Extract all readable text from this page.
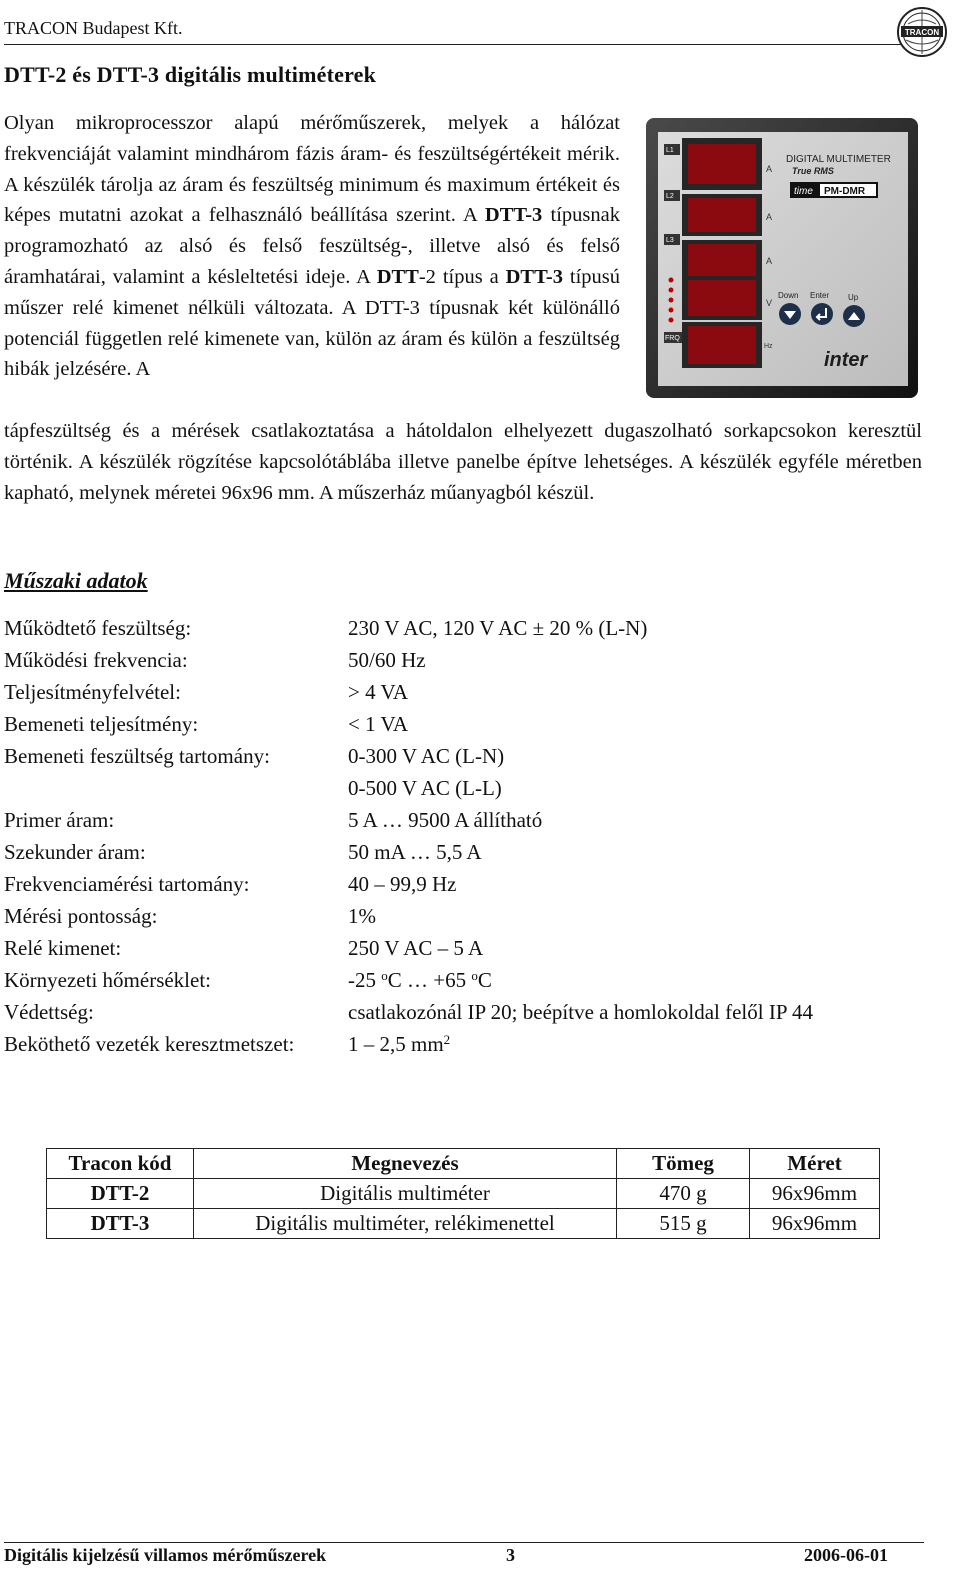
TRACON Budapest Kft.	TRACON
DTT-2 és DTT-3 digitális multiméterek
Olyan mikroprocesszor alapú mérőműszerek, melyek a hálózat frekvenciáját valamint mindhárom fázis áram- és feszültségértékeit mérik. A készülék tárolja az áram és feszültség minimum és maximum értékeit és képes mutatni azokat a felhasználó beállítása szerint. A DTT-3 típusnak programozható az alsó és felső feszültség-, illetve alsó és felső áramhatárai, valamint a késleltetési ideje. A DTT-2 típus a DTT-3 típusú műszer relé kimenet nélküli változata. A DTT-3 típusnak két különálló potenciál független relé kimenete van, külön az áram és külön a feszültség hibák jelzésére. A
tápfeszültség és a mérések csatlakoztatása a hátoldalon elhelyezett dugaszolható sorkapcsokon keresztül történik. A készülék rögzítése kapcsolótáblába illetve panelbe építve lehetséges. A készülék egyféle méretben kapható, melynek méretei 96x96 mm. A műszerház műanyagból készül.
L1
L2
L3
FRQ
A
A
A
V
Hz
DIGITAL MULTIMETER
True RMS
time PM-DMR
Down Enter Up
inter
Műszaki adatok
Működtető feszültség:	230 V AC, 120 V AC ± 20 % (L-N)
Működési frekvencia:	50/60 Hz
Teljesítményfelvétel:	> 4 VA
Bemeneti teljesítmény:	< 1 VA
Bemeneti feszültség tartomány:	0-300 V AC (L-N)
0-500 V AC (L-L)
Primer áram:	5 A … 9500 A állítható
Szekunder áram:	50 mA … 5,5 A
Frekvenciamérési tartomány:	40 – 99,9 Hz
Mérési pontosság:	1%
Relé kimenet:	250 V AC – 5 A
Környezeti hőmérséklet:	-25 $^o$C … +65 $^o$C
Védettség:	csatlakozónál IP 20; beépítve a homlokoldal felől IP 44
Beköthető vezeték keresztmetszet:	1 – 2,5 $mm^2$
Tracon kód	Megnevezés	Tömeg	Méret
DTT-2	Digitális multiméter	470 g	96x96mm
DTT-3	Digitális multiméter, relékimenettel	515 g	96x96mm
Digitális kijelzésű villamos mérőműszerek	3	2006-06-01
